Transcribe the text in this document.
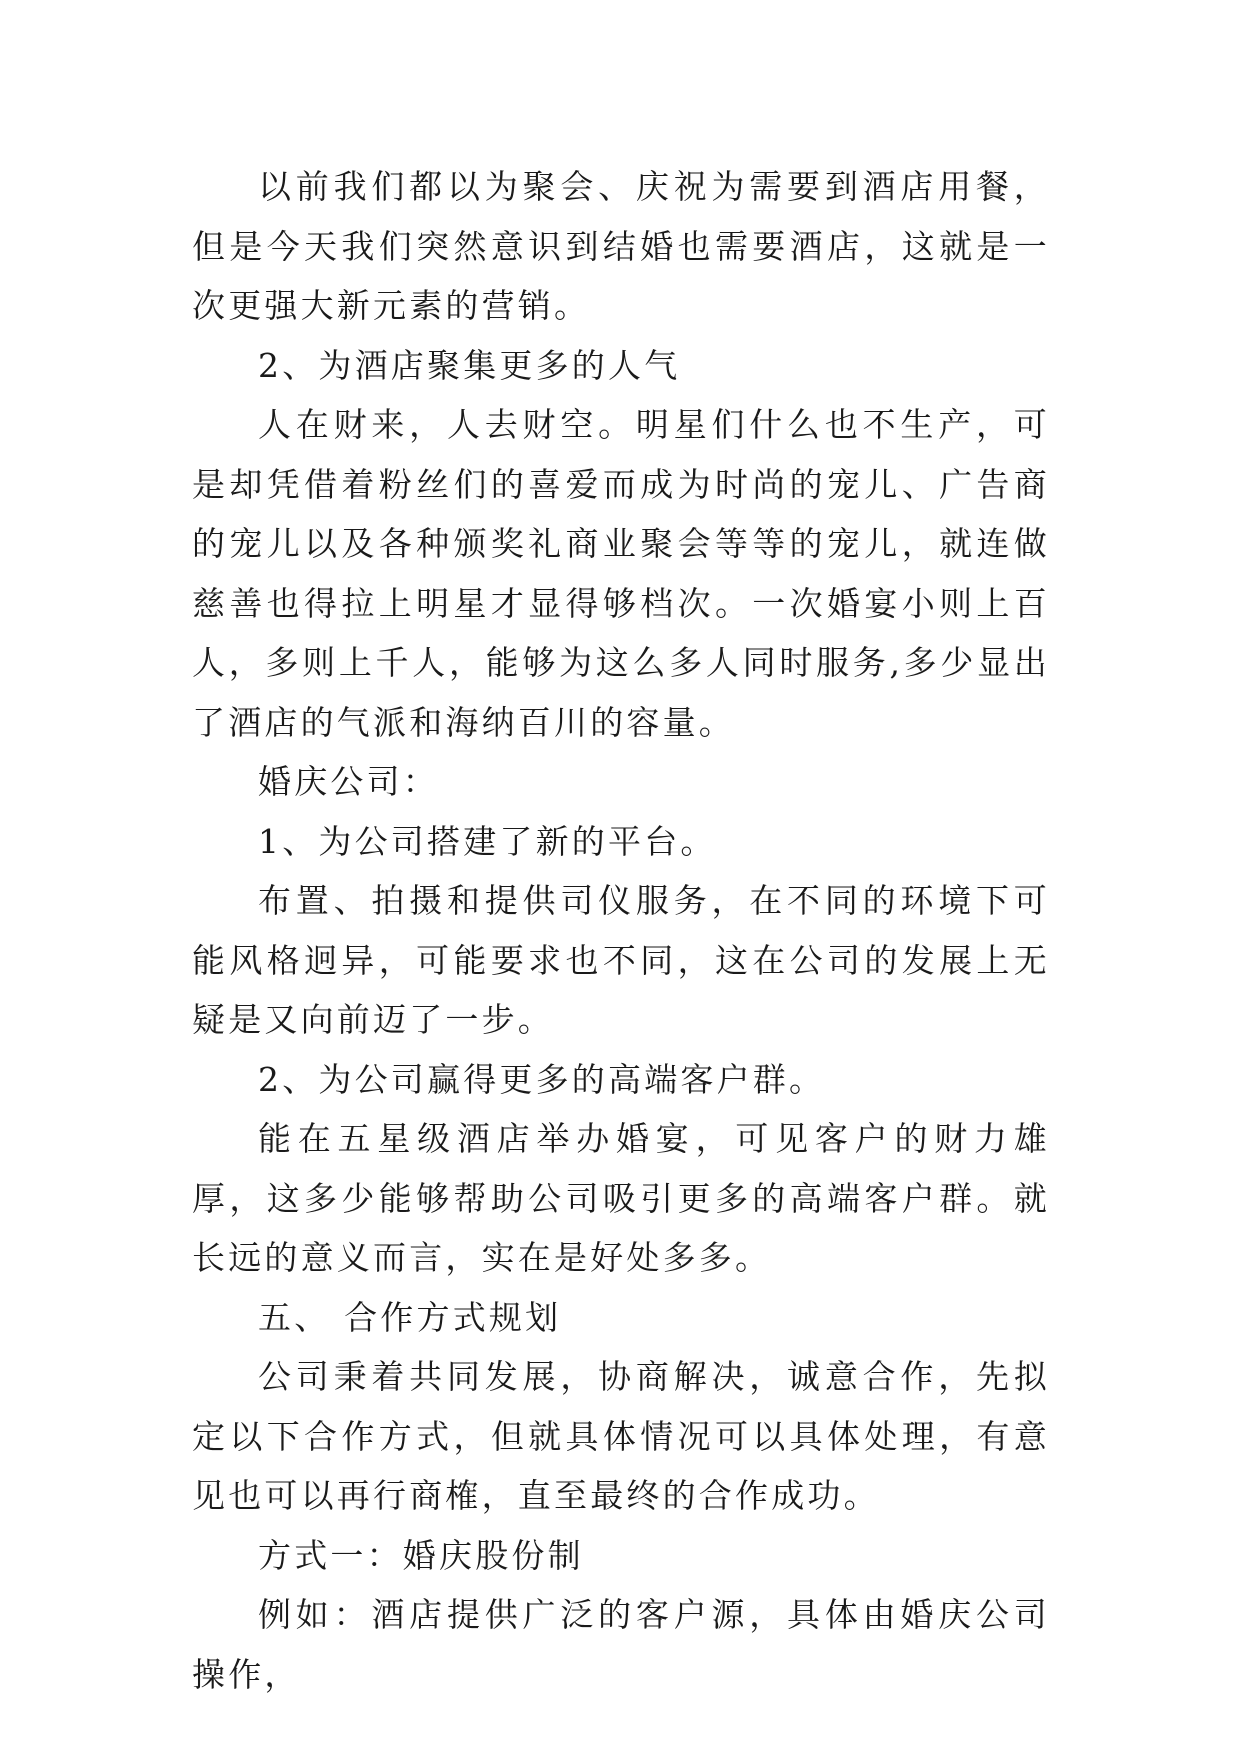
以前我们都以为聚会、庆祝为需要到酒店用餐，但是今天我们突然意识到结婚也需要酒店，这就是一次更强大新元素的营销。

2、为酒店聚集更多的人气

人在财来，人去财空。明星们什么也不生产，可是却凭借着粉丝们的喜爱而成为时尚的宠儿、广告商的宠儿以及各种颁奖礼商业聚会等等的宠儿，就连做慈善也得拉上明星才显得够档次。一次婚宴小则上百人，多则上千人，能够为这么多人同时服务,多少显出了酒店的气派和海纳百川的容量。

婚庆公司：

1、为公司搭建了新的平台。

布置、拍摄和提供司仪服务，在不同的环境下可能风格迥异，可能要求也不同，这在公司的发展上无疑是又向前迈了一步。

2、为公司赢得更多的高端客户群。

能在五星级酒店举办婚宴，可见客户的财力雄厚，这多少能够帮助公司吸引更多的高端客户群。就长远的意义而言，实在是好处多多。

五、 合作方式规划

公司秉着共同发展，协商解决，诚意合作，先拟定以下合作方式，但就具体情况可以具体处理，有意见也可以再行商榷，直至最终的合作成功。

方式一：婚庆股份制

例如：酒店提供广泛的客户源，具体由婚庆公司操作，
